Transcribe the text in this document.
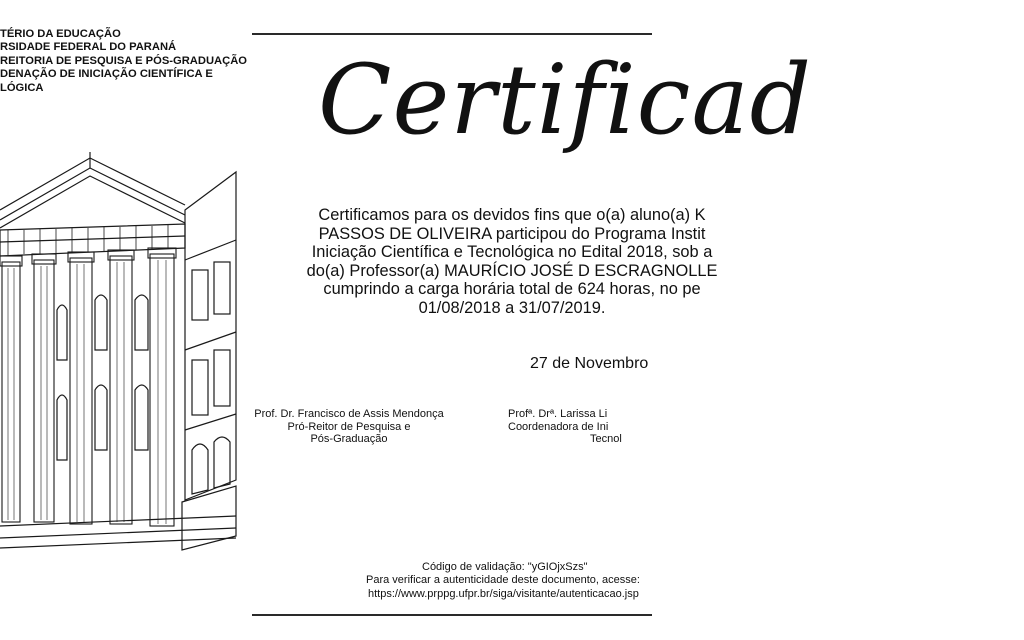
TÉRIO DA EDUCAÇÃO
RSIDADE FEDERAL DO PARANÁ
REITORIA DE PESQUISA E PÓS-GRADUAÇÃO
DENAÇÃO DE INICIAÇÃO CIENTÍFICA E
LÓGICA	Certificad
Certificamos para os devidos fins que o(a) aluno(a) K
PASSOS DE OLIVEIRA participou do Programa Instit
Iniciação Científica e Tecnológica no Edital 2018, sob a
do(a) Professor(a) MAURÍCIO JOSÉ D ESCRAGNOLLE
cumprindo a carga horária total de 624 horas, no pe
01/08/2018 a 31/07/2019.
27 de Novembro
Prof. Dr. Francisco de Assis Mendonça
Pró-Reitor de Pesquisa e
Pós-Graduação
Profª. Drª. Larissa Li
Coordenadora de Ini
Tecnol
Código de validação: "yGIOjxSzs"
Para verificar a autenticidade deste documento, acesse:
https://www.prppg.ufpr.br/siga/visitante/autenticacao.jsp
